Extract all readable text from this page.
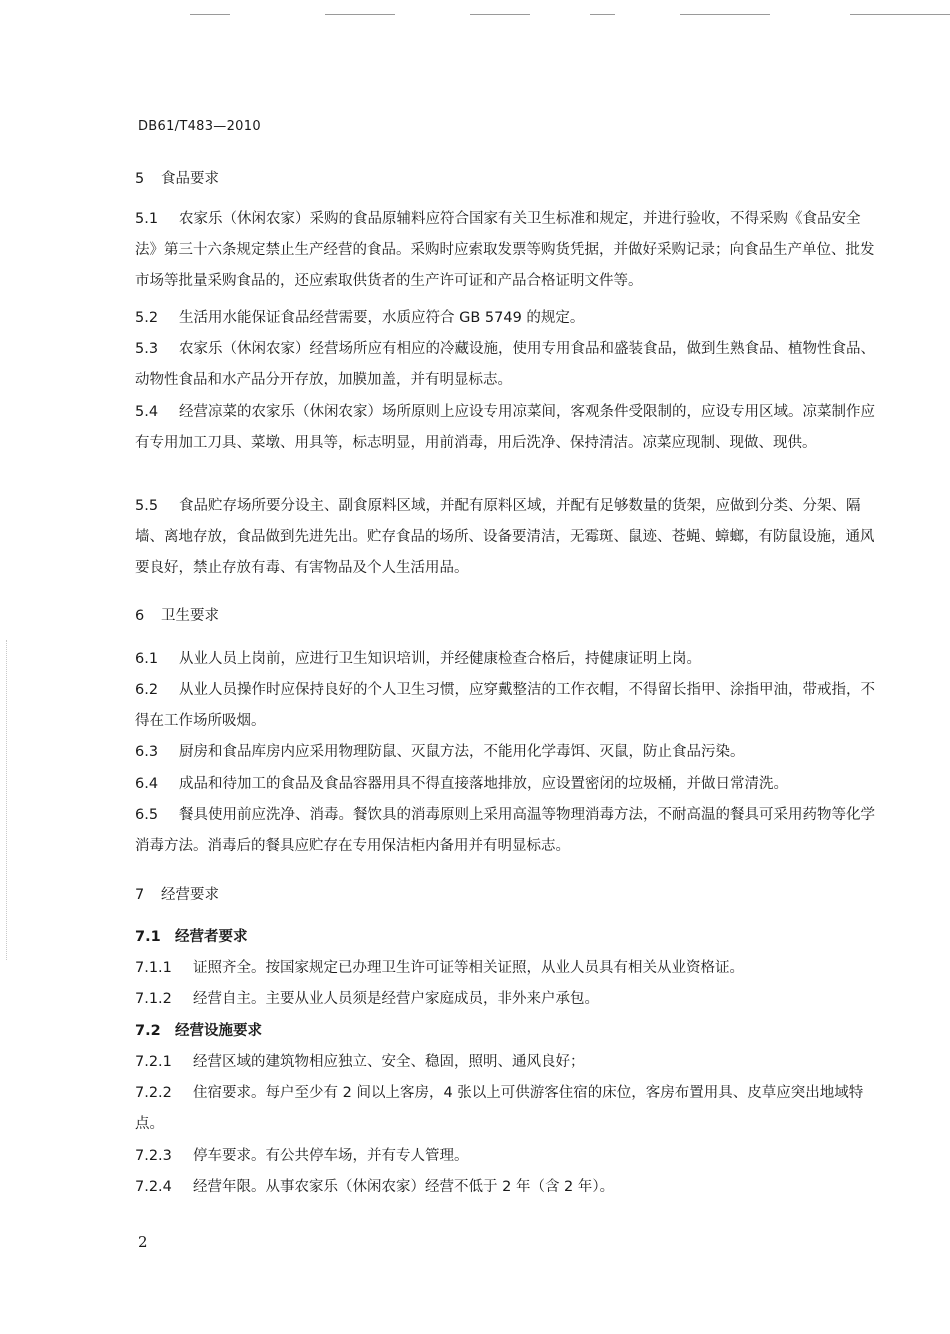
DB61/T483—2010
5 食品要求
5.1 农家乐（休闲农家）采购的食品原辅料应符合国家有关卫生标准和规定，并进行验收，不得采购《食品安全法》第三十六条规定禁止生产经营的食品。采购时应索取发票等购货凭据，并做好采购记录；向食品生产单位、批发市场等批量采购食品的，还应索取供货者的生产许可证和产品合格证明文件等。
5.2 生活用水能保证食品经营需要，水质应符合 GB 5749 的规定。
5.3 农家乐（休闲农家）经营场所应有相应的冷藏设施，使用专用食品和盛装食品，做到生熟食品、植物性食品、动物性食品和水产品分开存放，加膜加盖，并有明显标志。
5.4 经营凉菜的农家乐（休闲农家）场所原则上应设专用凉菜间，客观条件受限制的，应设专用区域。凉菜制作应有专用加工刀具、菜墩、用具等，标志明显，用前消毒，用后洗净、保持清洁。凉菜应现制、现做、现供。
5.5 食品贮存场所要分设主、副食原料区域，并配有原料区域，并配有足够数量的货架，应做到分类、分架、隔墙、离地存放，食品做到先进先出。贮存食品的场所、设备要清洁，无霉斑、鼠迹、苍蝇、蟑螂，有防鼠设施，通风要良好，禁止存放有毒、有害物品及个人生活用品。
6 卫生要求
6.1 从业人员上岗前，应进行卫生知识培训，并经健康检查合格后，持健康证明上岗。
6.2 从业人员操作时应保持良好的个人卫生习惯，应穿戴整洁的工作衣帽，不得留长指甲、涂指甲油，带戒指，不得在工作场所吸烟。
6.3 厨房和食品库房内应采用物理防鼠、灭鼠方法，不能用化学毒饵、灭鼠，防止食品污染。
6.4 成品和待加工的食品及食品容器用具不得直接落地排放，应设置密闭的垃圾桶，并做日常清洗。
6.5 餐具使用前应洗净、消毒。餐饮具的消毒原则上采用高温等物理消毒方法，不耐高温的餐具可采用药物等化学消毒方法。消毒后的餐具应贮存在专用保洁柜内备用并有明显标志。
7 经营要求
7.1 经营者要求
7.1.1 证照齐全。按国家规定已办理卫生许可证等相关证照，从业人员具有相关从业资格证。
7.1.2 经营自主。主要从业人员须是经营户家庭成员，非外来户承包。
7.2 经营设施要求
7.2.1 经营区域的建筑物相应独立、安全、稳固，照明、通风良好；
7.2.2 住宿要求。每户至少有 2 间以上客房，4 张以上可供游客住宿的床位，客房布置用具、皮草应突出地域特点。
7.2.3 停车要求。有公共停车场，并有专人管理。
7.2.4 经营年限。从事农家乐（休闲农家）经营不低于 2 年（含 2 年）。
2
